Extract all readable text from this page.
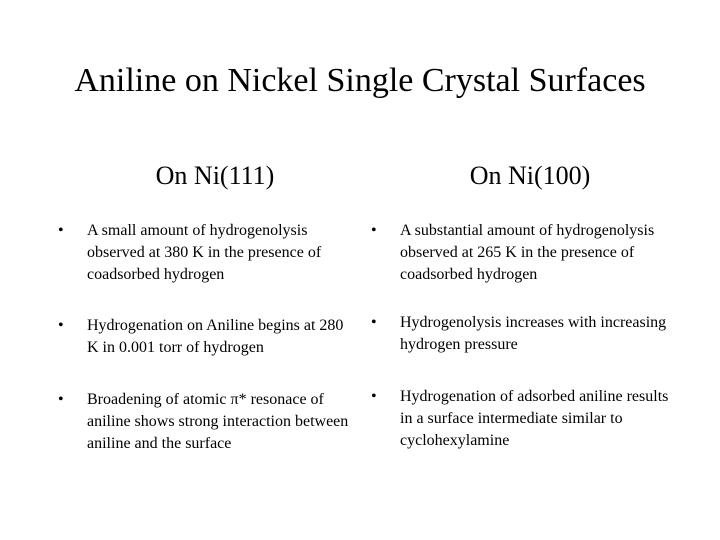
Aniline on Nickel Single Crystal Surfaces
On Ni(111)	On Ni(100)
• A small amount of hydrogenolysis observed at 380 K in the presence of coadsorbed hydrogen
• Hydrogenation on Aniline begins at 280 K in 0.001 torr of hydrogen
• Broadening of atomic π* resonace of aniline shows strong interaction between aniline and the surface
• A substantial amount of hydrogenolysis observed at 265 K in the presence of coadsorbed hydrogen
• Hydrogenolysis increases with increasing hydrogen pressure
• Hydrogenation of adsorbed aniline results in a surface intermediate similar to cyclohexylamine
